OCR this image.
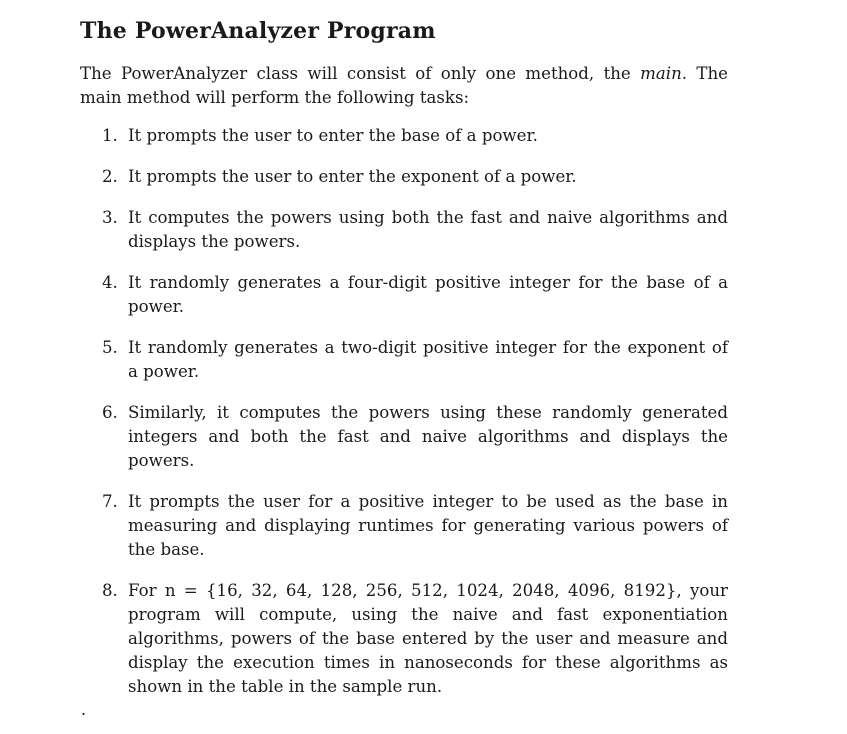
The PowerAnalyzer Program

The PowerAnalyzer class will consist of only one method, the main. The main method will perform the following tasks:

1. It prompts the user to enter the base of a power.
2. It prompts the user to enter the exponent of a power.
3. It computes the powers using both the fast and naive algorithms and displays the powers.
4. It randomly generates a four-digit positive integer for the base of a power.
5. It randomly generates a two-digit positive integer for the exponent of a power.
6. Similarly, it computes the powers using these randomly generated integers and both the fast and naive algorithms and displays the powers.
7. It prompts the user for a positive integer to be used as the base in measuring and displaying runtimes for generating various powers of the base.
8. For n = {16, 32, 64, 128, 256, 512, 1024, 2048, 4096, 8192}, your program will compute, using the naive and fast exponentiation algorithms, powers of the base entered by the user and measure and display the execution times in nanoseconds for these algorithms as shown in the table in the sample run.
.
